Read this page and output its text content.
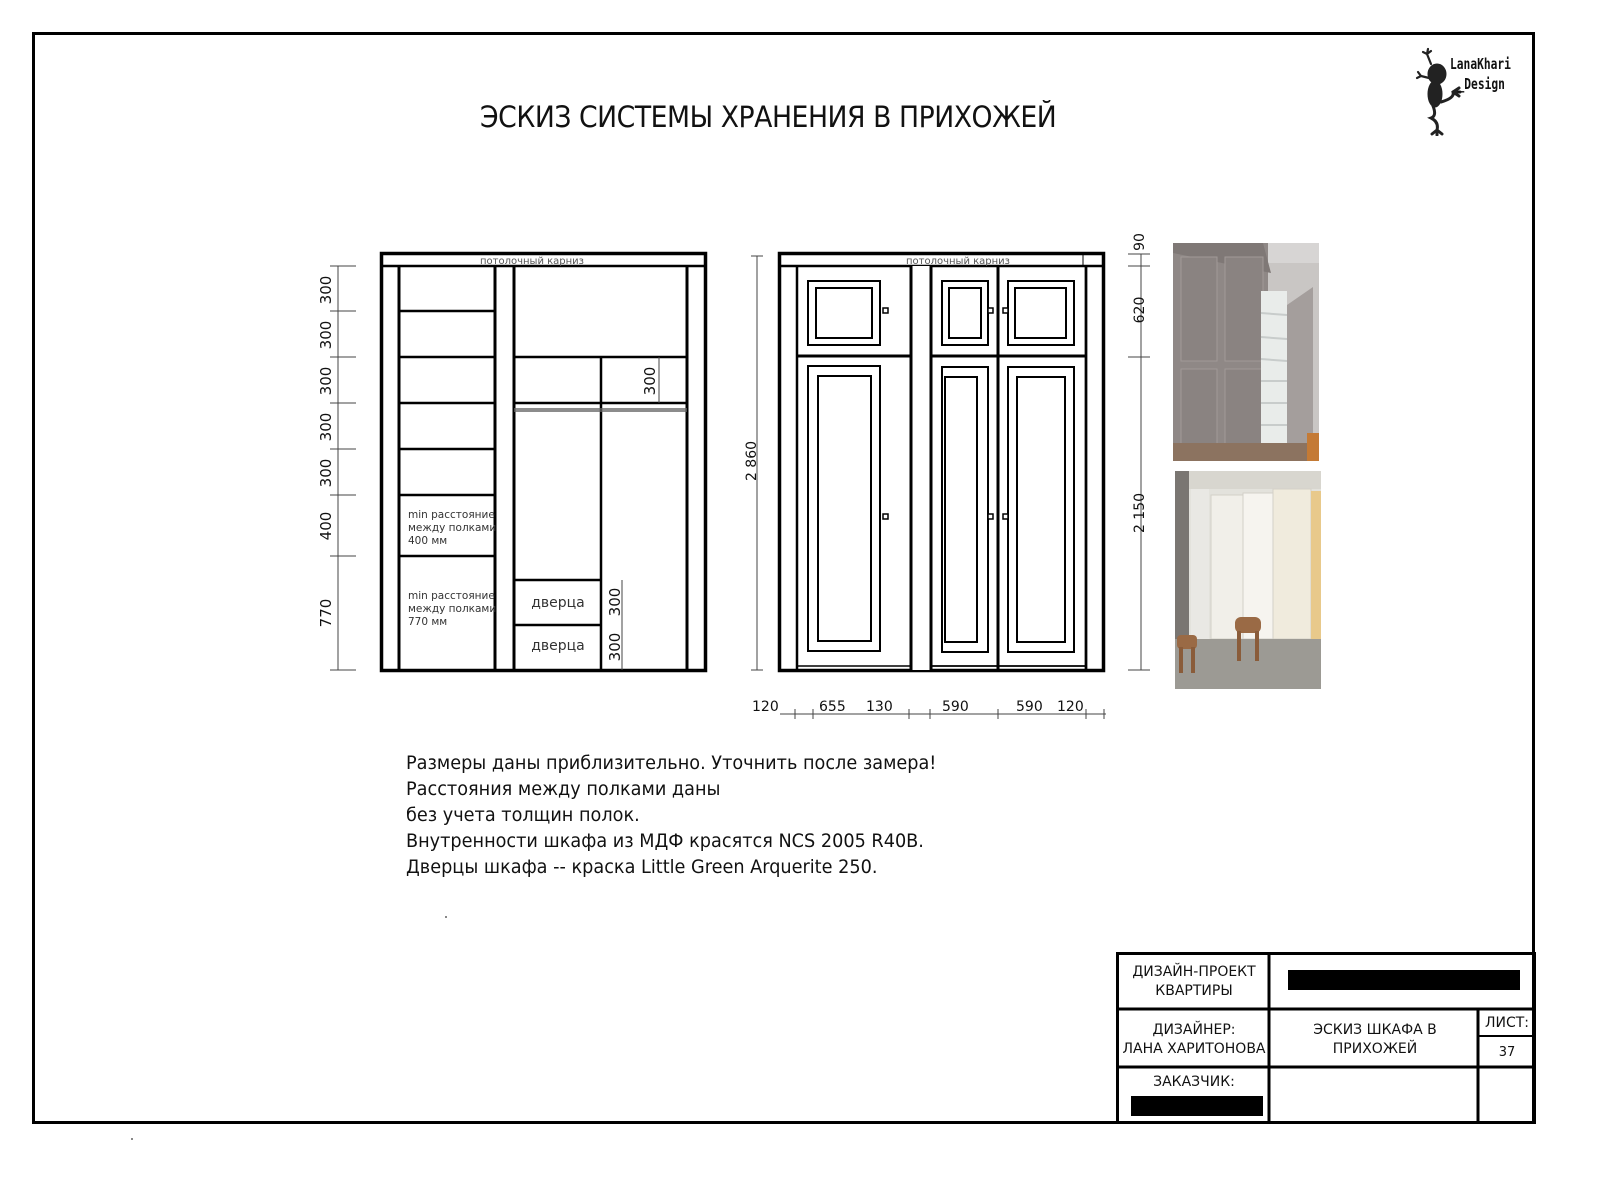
ЭСКИЗ СИСТЕМЫ ХРАНЕНИЯ В ПРИХОЖЕЙ
LanaKhari
_Design
потолочный карниз	потолочный карниз
300
300
300
300
300
400
770
min расстояние
между полками
400 мм
min расстояние
между полками
770 мм
дверца
дверца
300
300
300
2 860
90
620
2 150
120	655 130	590	590 120
Размеры даны приблизительно. Уточнить после замера!
Расстояния между полками даны
без учета толщин полок.
Внутренности шкафа из МДФ красятся NCS 2005 R40B.
Дверцы шкафа -- краска Little Green Arquerite 250.
ДИЗАЙН-ПРОЕКТ КВАРТИРЫ
ДИЗАЙНЕР:
ЛАНА ХАРИТОНОВА
ЭСКИЗ ШКАФА В ПРИХОЖЕЙ
ЛИСТ:
37
ЗАКАЗЧИК:
